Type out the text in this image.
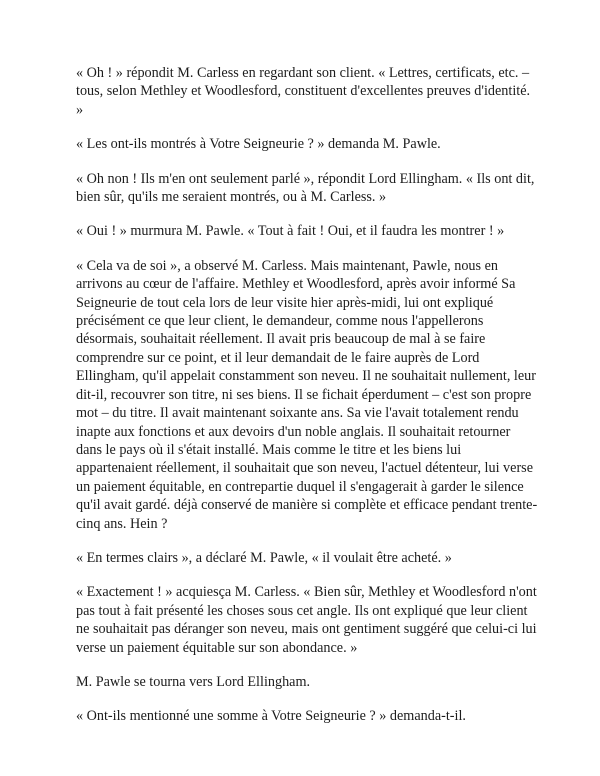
« Oh ! » répondit M. Carless en regardant son client. « Lettres, certificats, etc. – tous, selon Methley et Woodlesford, constituent d'excellentes preuves d'identité. »

« Les ont-ils montrés à Votre Seigneurie ? » demanda M. Pawle.

« Oh non ! Ils m'en ont seulement parlé », répondit Lord Ellingham. « Ils ont dit, bien sûr, qu'ils me seraient montrés, ou à M. Carless. »

« Oui ! » murmura M. Pawle. « Tout à fait ! Oui, et il faudra les montrer ! »

« Cela va de soi », a observé M. Carless. Mais maintenant, Pawle, nous en arrivons au cœur de l'affaire. Methley et Woodlesford, après avoir informé Sa Seigneurie de tout cela lors de leur visite hier après-midi, lui ont expliqué précisément ce que leur client, le demandeur, comme nous l'appellerons désormais, souhaitait réellement. Il avait pris beaucoup de mal à se faire comprendre sur ce point, et il leur demandait de le faire auprès de Lord Ellingham, qu'il appelait constamment son neveu. Il ne souhaitait nullement, leur dit-il, recouvrer son titre, ni ses biens. Il se fichait éperdument – c'est son propre mot – du titre. Il avait maintenant soixante ans. Sa vie l'avait totalement rendu inapte aux fonctions et aux devoirs d'un noble anglais. Il souhaitait retourner dans le pays où il s'était installé. Mais comme le titre et les biens lui appartenaient réellement, il souhaitait que son neveu, l'actuel détenteur, lui verse un paiement équitable, en contrepartie duquel il s'engagerait à garder le silence qu'il avait gardé. déjà conservé de manière si complète et efficace pendant trente-cinq ans. Hein ?

« En termes clairs », a déclaré M. Pawle, « il voulait être acheté. »

« Exactement ! » acquiesça M. Carless. « Bien sûr, Methley et Woodlesford n'ont pas tout à fait présenté les choses sous cet angle. Ils ont expliqué que leur client ne souhaitait pas déranger son neveu, mais ont gentiment suggéré que celui-ci lui verse un paiement équitable sur son abondance. »

M. Pawle se tourna vers Lord Ellingham.

« Ont-ils mentionné une somme à Votre Seigneurie ? » demanda-t-il.
